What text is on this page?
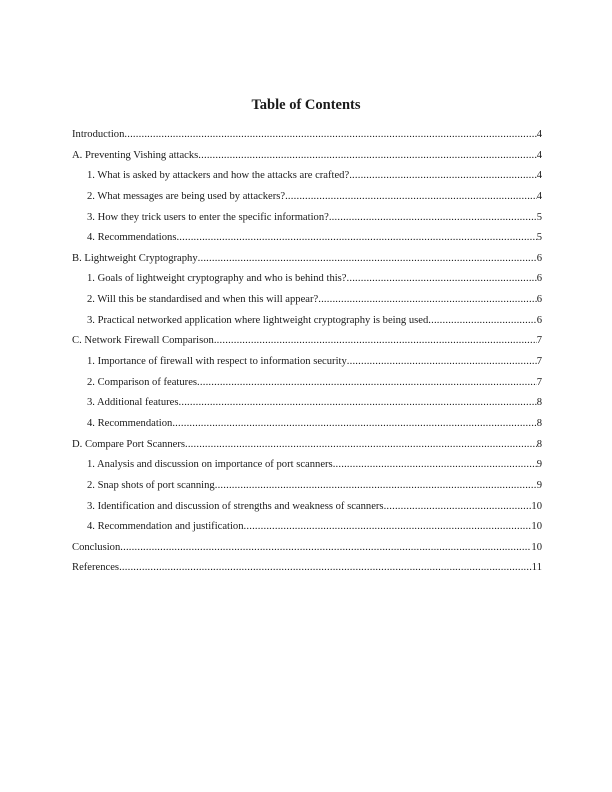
Table of Contents
Introduction .....	4
A. Preventing Vishing attacks .....	4
1. What is asked by attackers and how the attacks are crafted? .....	4
2. What messages are being used by attackers? .....	4
3. How they trick users to enter the specific information? .....	5
4. Recommendations .....	5
B. Lightweight Cryptography .....	6
1. Goals of lightweight cryptography and who is behind this? .....	6
2. Will this be standardised and when this will appear? .....	6
3. Practical networked application where lightweight cryptography is being used .....	6
C. Network Firewall Comparison .....	7
1. Importance of firewall with respect to information security .....	7
2. Comparison of features .....	7
3. Additional features .....	8
4. Recommendation .....	8
D. Compare Port Scanners .....	8
1. Analysis and discussion on importance of port scanners .....	9
2. Snap shots of port scanning .....	9
3. Identification and discussion of strengths and weakness of scanners .....	10
4. Recommendation and justification .....	10
Conclusion .....	10
References .....	11
